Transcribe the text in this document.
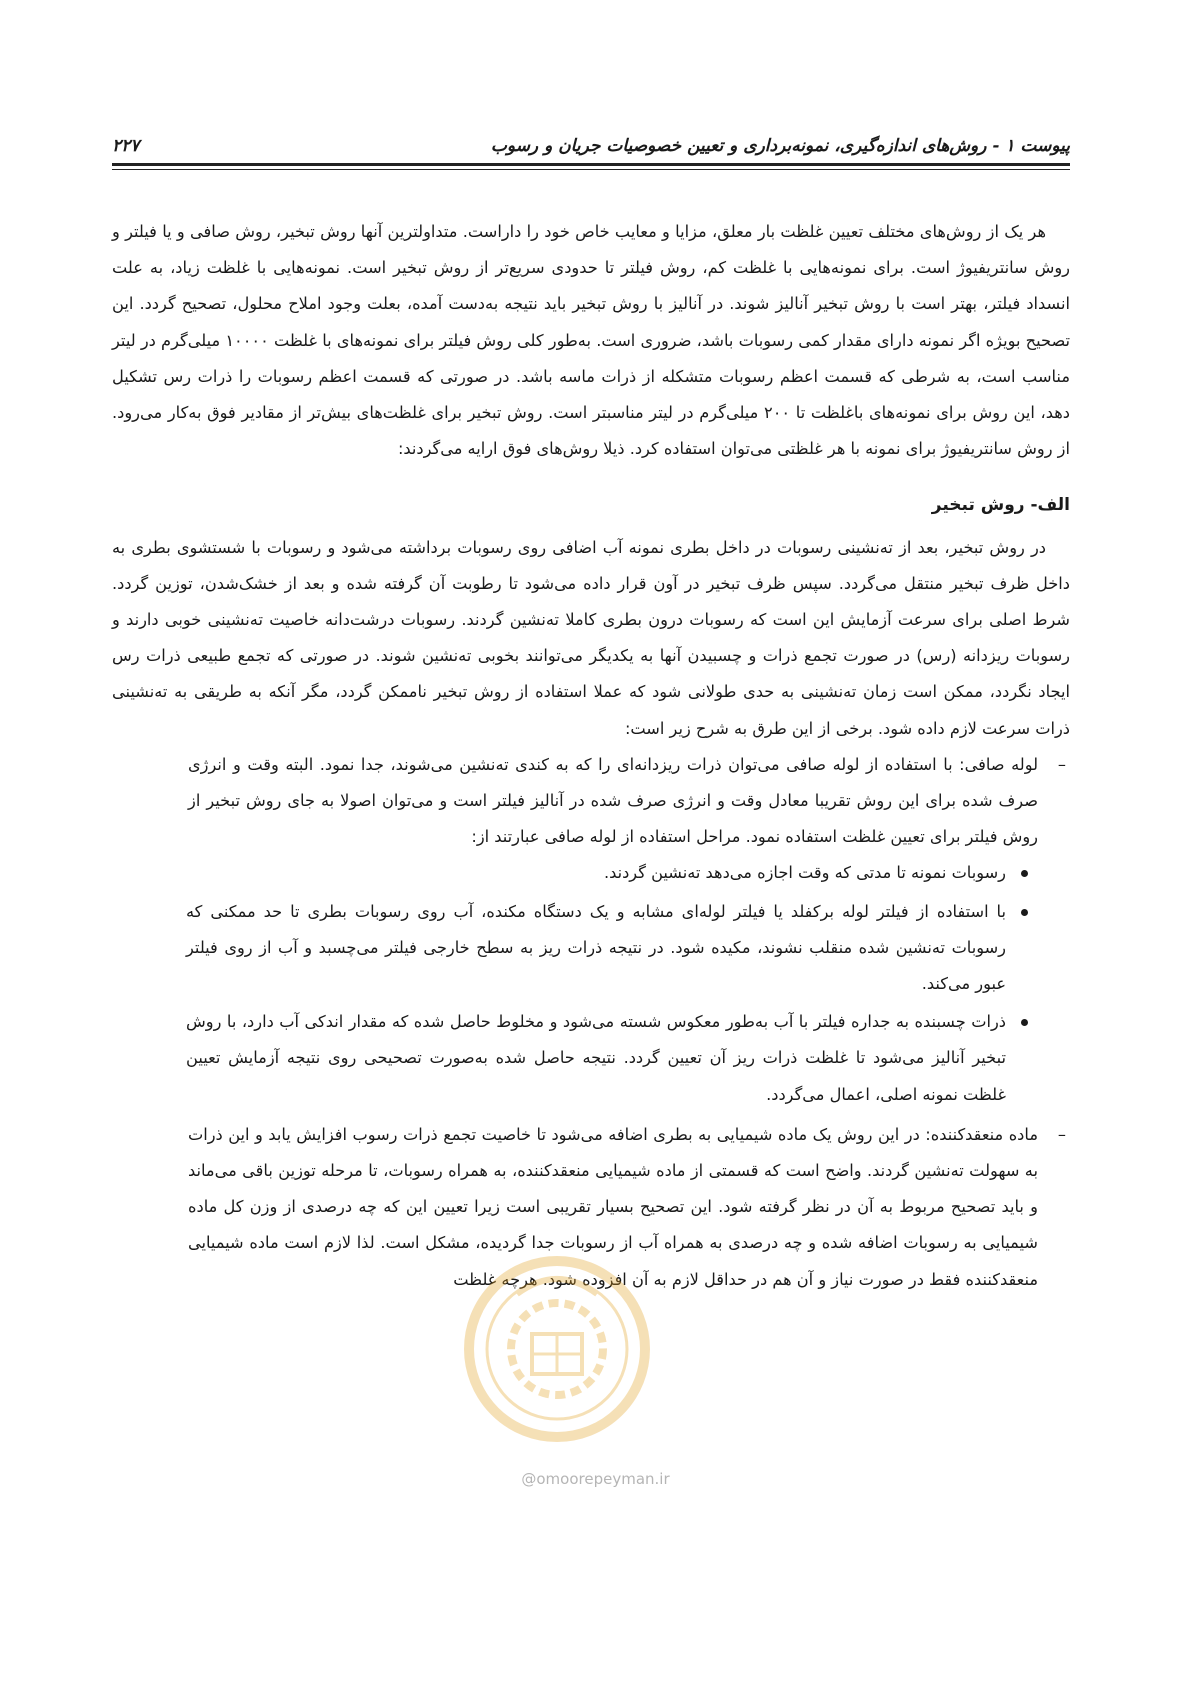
پیوست ۱ - روش‌های اندازه‌گیری، نمونه‌برداری و تعیین خصوصیات جریان و رسوب
۲۲۷

هر یک از روش‌های مختلف تعیین غلظت بار معلق، مزایا و معایب خاص خود را داراست. متداولترین آنها روش تبخیر، روش صافی و یا فیلتر و روش سانتریفیوژ است. برای نمونه‌هایی با غلظت کم، روش فیلتر تا حدودی سریع‌تر از روش تبخیر است. نمونه‌هایی با غلظت زیاد، به علت انسداد فیلتر، بهتر است با روش تبخیر آنالیز شوند. در آنالیز با روش تبخیر باید نتیجه به‌دست آمده، بعلت وجود املاح محلول، تصحیح گردد. این تصحیح بویژه اگر نمونه دارای مقدار کمی رسوبات باشد، ضروری است. به‌طور کلی روش فیلتر برای نمونه‌های با غلظت ۱۰۰۰۰ میلی‌گرم در لیتر مناسب است، به شرطی که قسمت اعظم رسوبات متشکله از ذرات ماسه باشد. در صورتی که قسمت اعظم رسوبات را ذرات رس تشکیل دهد، این روش برای نمونه‌های باغلظت تا ۲۰۰ میلی‌گرم در لیتر مناسبتر است. روش تبخیر برای غلظت‌های بیش‌تر از مقادیر فوق به‌کار می‌رود. از روش سانتریفیوژ برای نمونه با هر غلظتی می‌توان استفاده کرد. ذیلا روش‌های فوق ارایه می‌گردند:

الف- روش تبخیر

در روش تبخیر، بعد از ته‌نشینی رسوبات در داخل بطری نمونه آب اضافی روی رسوبات برداشته می‌شود و رسوبات با شستشوی بطری به داخل ظرف تبخیر منتقل می‌گردد. سپس ظرف تبخیر در آون قرار داده می‌شود تا رطوبت آن گرفته شده و بعد از خشک‌شدن، توزین گردد. شرط اصلی برای سرعت آزمایش این است که رسوبات درون بطری کاملا ته‌نشین گردند. رسوبات درشت‌دانه خاصیت ته‌نشینی خوبی دارند و رسوبات ریزدانه (رس) در صورت تجمع ذرات و چسبیدن آنها به یکدیگر می‌توانند بخوبی ته‌نشین شوند. در صورتی که تجمع طبیعی ذرات رس ایجاد نگردد، ممکن است زمان ته‌نشینی به حدی طولانی شود که عملا استفاده از روش تبخیر ناممکن گردد، مگر آنکه به طریقی به ته‌نشینی ذرات سرعت لازم داده شود. برخی از این طرق به شرح زیر است:

– لوله صافی: با استفاده از لوله صافی می‌توان ذرات ریزدانه‌ای را که به کندی ته‌نشین می‌شوند، جدا نمود. البته وقت و انرژی صرف شده برای این روش تقریبا معادل وقت و انرژی صرف شده در آنالیز فیلتر است و می‌توان اصولا به جای روش تبخیر از روش فیلتر برای تعیین غلظت استفاده نمود. مراحل استفاده از لوله صافی عبارتند از:
رسوبات نمونه تا مدتی که وقت اجازه می‌دهد ته‌نشین گردند.
با استفاده از فیلتر لوله برکفلد یا فیلتر لوله‌ای مشابه و یک دستگاه مکنده، آب روی رسوبات بطری تا حد ممکنی که رسوبات ته‌نشین شده منقلب نشوند، مکیده شود. در نتیجه ذرات ریز به سطح خارجی فیلتر می‌چسبد و آب از روی فیلتر عبور می‌کند.
ذرات چسبنده به جداره فیلتر با آب به‌طور معکوس شسته می‌شود و مخلوط حاصل شده که مقدار اندکی آب دارد، با روش تبخیر آنالیز می‌شود تا غلظت ذرات ریز آن تعیین گردد. نتیجه حاصل شده به‌صورت تصحیحی روی نتیجه آزمایش تعیین غلظت نمونه اصلی، اعمال می‌گردد.
– ماده منعقدکننده: در این روش یک ماده شیمیایی به بطری اضافه می‌شود تا خاصیت تجمع ذرات رسوب افزایش یابد و این ذرات به سهولت ته‌نشین گردند. واضح است که قسمتی از ماده شیمیایی منعقدکننده، به همراه رسوبات، تا مرحله توزین باقی می‌ماند و باید تصحیح مربوط به آن در نظر گرفته شود. این تصحیح بسیار تقریبی است زیرا تعیین این که چه درصدی از وزن کل ماده شیمیایی به رسوبات اضافه شده و چه درصدی به همراه آب از رسوبات جدا گردیده، مشکل است. لذا لازم است ماده شیمیایی منعقدکننده فقط در صورت نیاز و آن هم در حداقل لازم به آن افزوده شود. هرچه غلظت
@omoorepeyman.ir
